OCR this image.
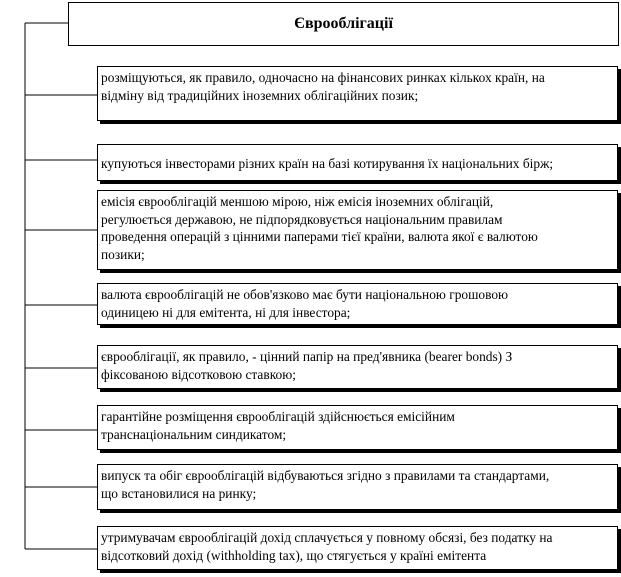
Єврооблігації
розміщуються, як правило, одночасно на фінансових ринках кількох країн, на
відміну від традиційних іноземних облігаційних позик;
купуються інвесторами різних країн на базі котирування їх національних бірж;
емісія єврооблігацій меншою мірою, ніж емісія іноземних облігацій,
регулюється державою, не підпорядковується національним правилам
проведення операцій з цінними паперами тієї країни, валюта якої є валютою
позики;
валюта єврооблігацій не обов'язково має бути національною грошовою
одиницею ні для емітента, ні для інвестора;
єврооблігації, як правило, - цінний папір на пред'явника (bearer bonds) З
фіксованою відсотковою ставкою;
гарантійне розміщення єврооблігацій здійснюється емісійним
транснаціональним синдикатом;
випуск та обіг єврооблігацій відбуваються згідно з правилами та стандартами,
що встановилися на ринку;
утримувачам єврооблігацій дохід сплачується у повному обсязі, без податку на
відсотковий дохід (withholding tax), що стягується у країні емітента
